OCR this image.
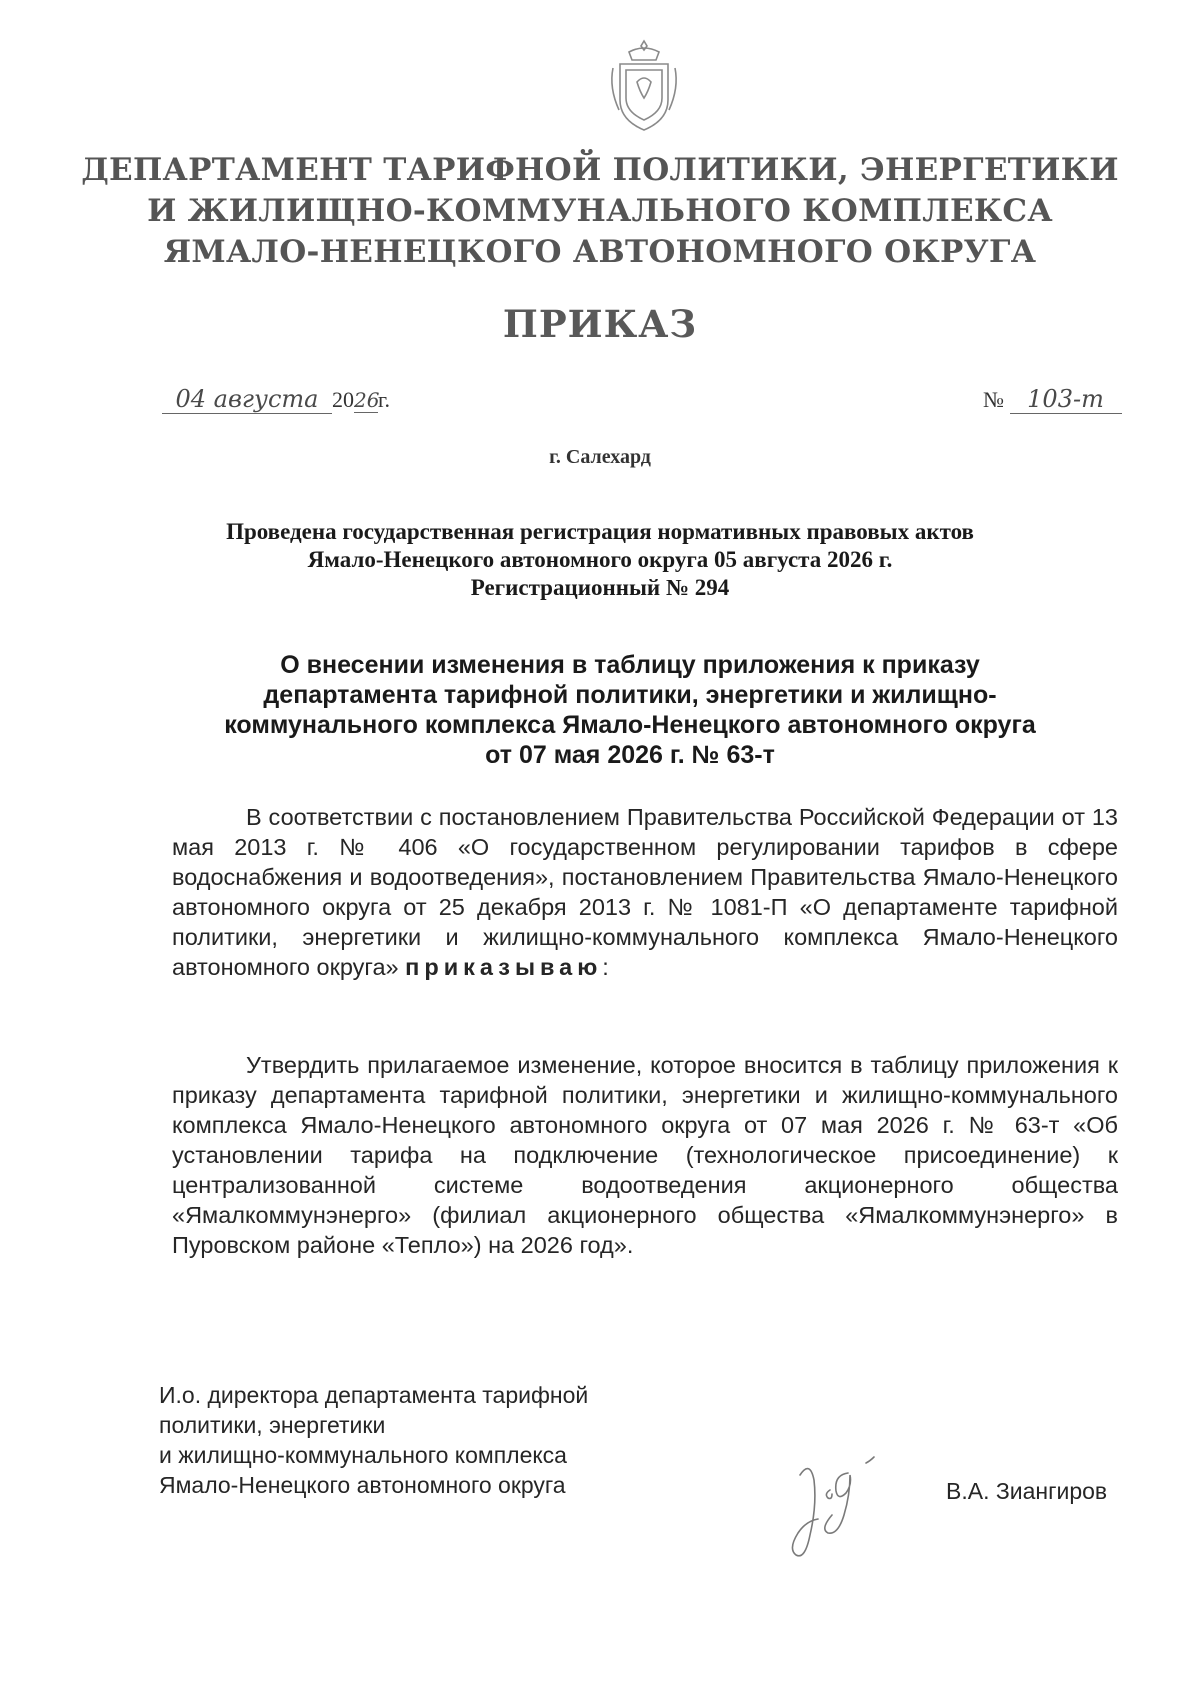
ДЕПАРТАМЕНТ ТАРИФНОЙ ПОЛИТИКИ, ЭНЕРГЕТИКИ
И ЖИЛИЩНО-КОММУНАЛЬНОГО КОМПЛЕКСА
ЯМАЛО-НЕНЕЦКОГО АВТОНОМНОГО ОКРУГА
ПРИКАЗ
04 августа 2026г.	№ 103-т
г. Салехард
Проведена государственная регистрация нормативных правовых актов
Ямало-Ненецкого автономного округа 05 августа 2026 г.
Регистрационный № 294
О внесении изменения в таблицу приложения к приказу
департамента тарифной политики, энергетики и жилищно-
коммунального комплекса Ямало-Ненецкого автономного округа
от 07 мая 2026 г. № 63-т
В соответствии с постановлением Правительства Российской Федерации от 13 мая 2013 г. № 406 «О государственном регулировании тарифов в сфере водоснабжения и водоотведения», постановлением Правительства Ямало-Ненецкого автономного округа от 25 декабря 2013 г. № 1081-П «О департаменте тарифной политики, энергетики и жилищно-коммунального комплекса Ямало-Ненецкого автономного округа» приказываю:
Утвердить прилагаемое изменение, которое вносится в таблицу приложения к приказу департамента тарифной политики, энергетики и жилищно-коммунального комплекса Ямало-Ненецкого автономного округа от 07 мая 2026 г. № 63-т «Об установлении тарифа на подключение (технологическое присоединение) к централизованной системе водоотведения акционерного общества «Ямалкоммунэнерго» (филиал акционерного общества «Ямалкоммунэнерго» в Пуровском районе «Тепло») на 2026 год».
И.о. директора департамента тарифной
политики, энергетики
и жилищно-коммунального комплекса
Ямало-Ненецкого автономного округа	В.А. Зиангиров
